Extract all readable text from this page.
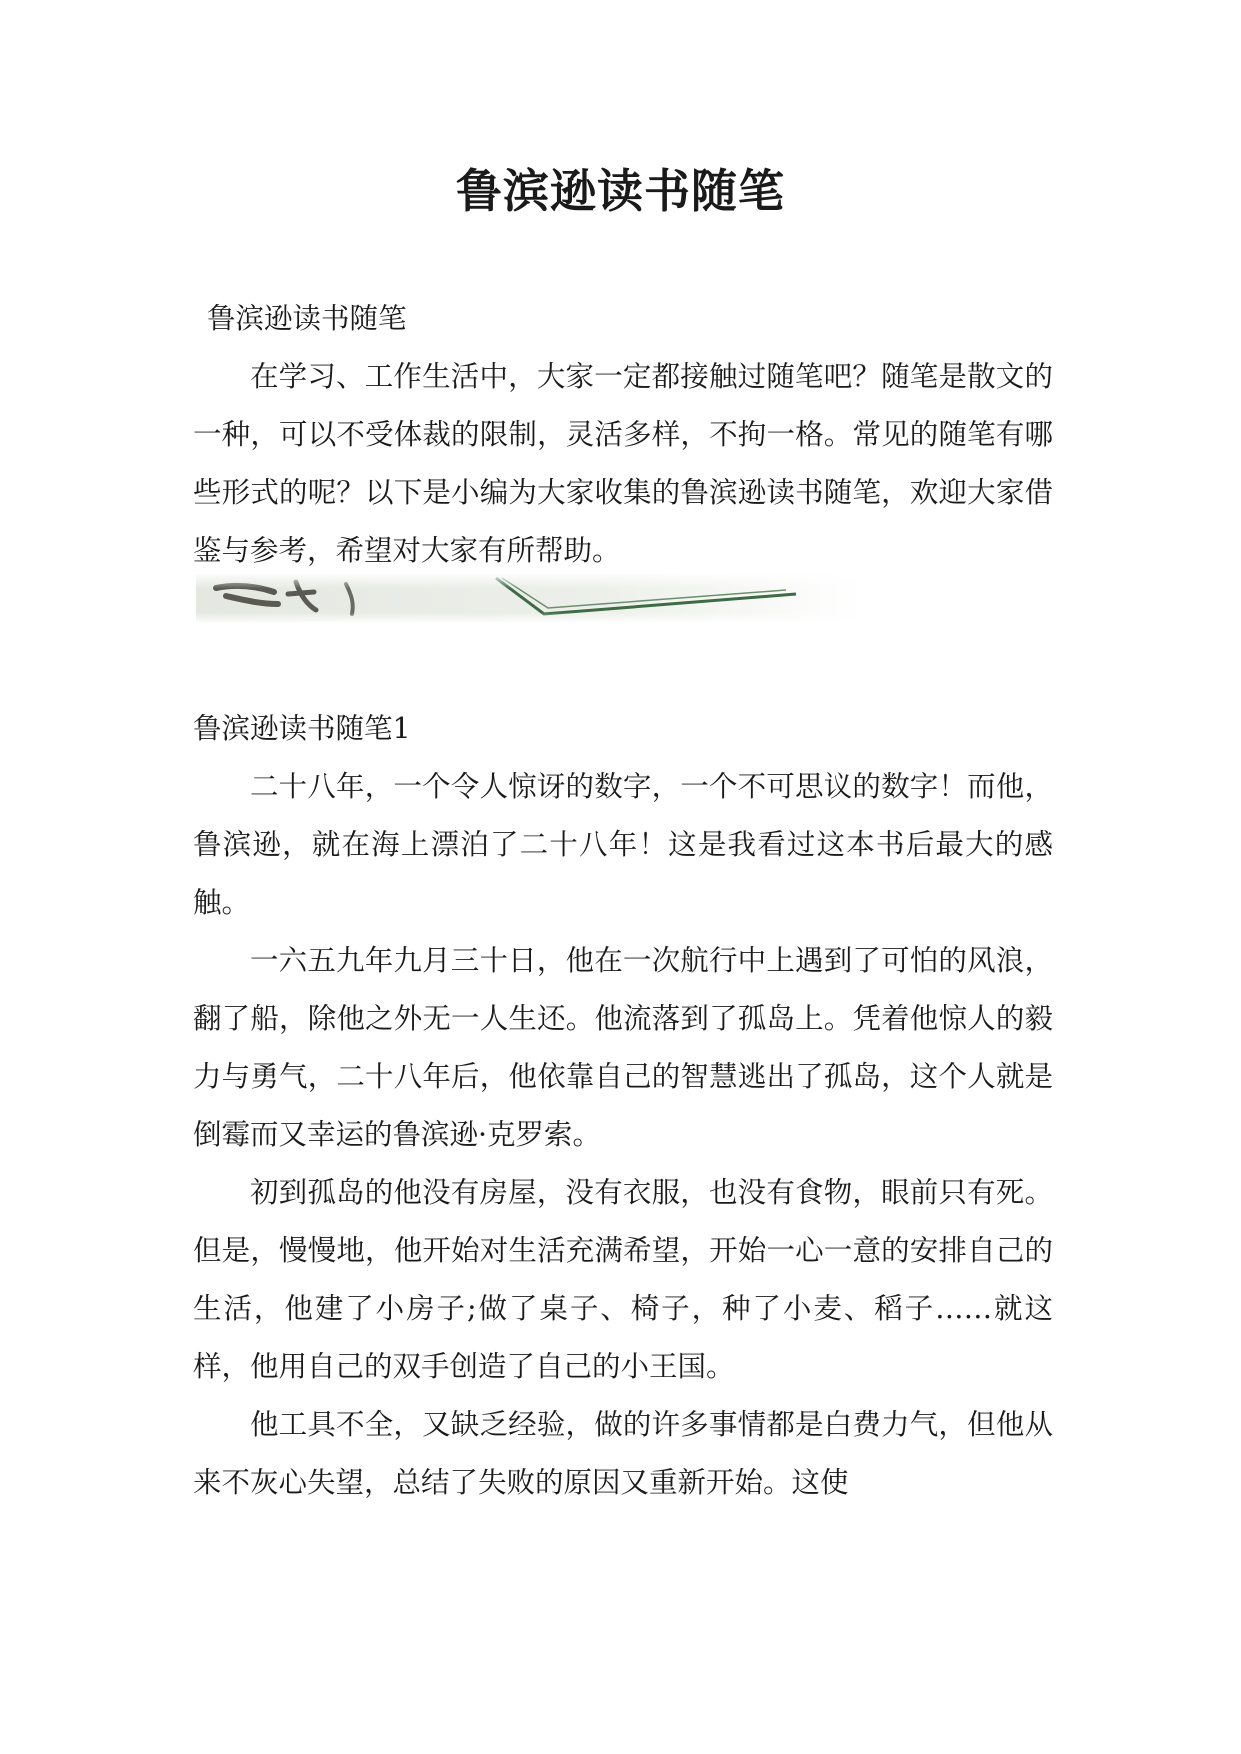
鲁滨逊读书随笔

鲁滨逊读书随笔

在学习、工作生活中，大家一定都接触过随笔吧？随笔是散文的一种，可以不受体裁的限制，灵活多样，不拘一格。常见的随笔有哪些形式的呢？以下是小编为大家收集的鲁滨逊读书随笔，欢迎大家借鉴与参考，希望对大家有所帮助。

鲁滨逊读书随笔1

二十八年，一个令人惊讶的数字，一个不可思议的数字！而他，鲁滨逊，就在海上漂泊了二十八年！这是我看过这本书后最大的感触。

一六五九年九月三十日，他在一次航行中上遇到了可怕的风浪，翻了船，除他之外无一人生还。他流落到了孤岛上。凭着他惊人的毅力与勇气，二十八年后，他依靠自己的智慧逃出了孤岛，这个人就是倒霉而又幸运的鲁滨逊·克罗索。

初到孤岛的他没有房屋，没有衣服，也没有食物，眼前只有死。但是，慢慢地，他开始对生活充满希望，开始一心一意的安排自己的生活，他建了小房子;做了桌子、椅子，种了小麦、稻子……就这样，他用自己的双手创造了自己的小王国。

他工具不全，又缺乏经验，做的许多事情都是白费力气，但他从来不灰心失望，总结了失败的原因又重新开始。这使
